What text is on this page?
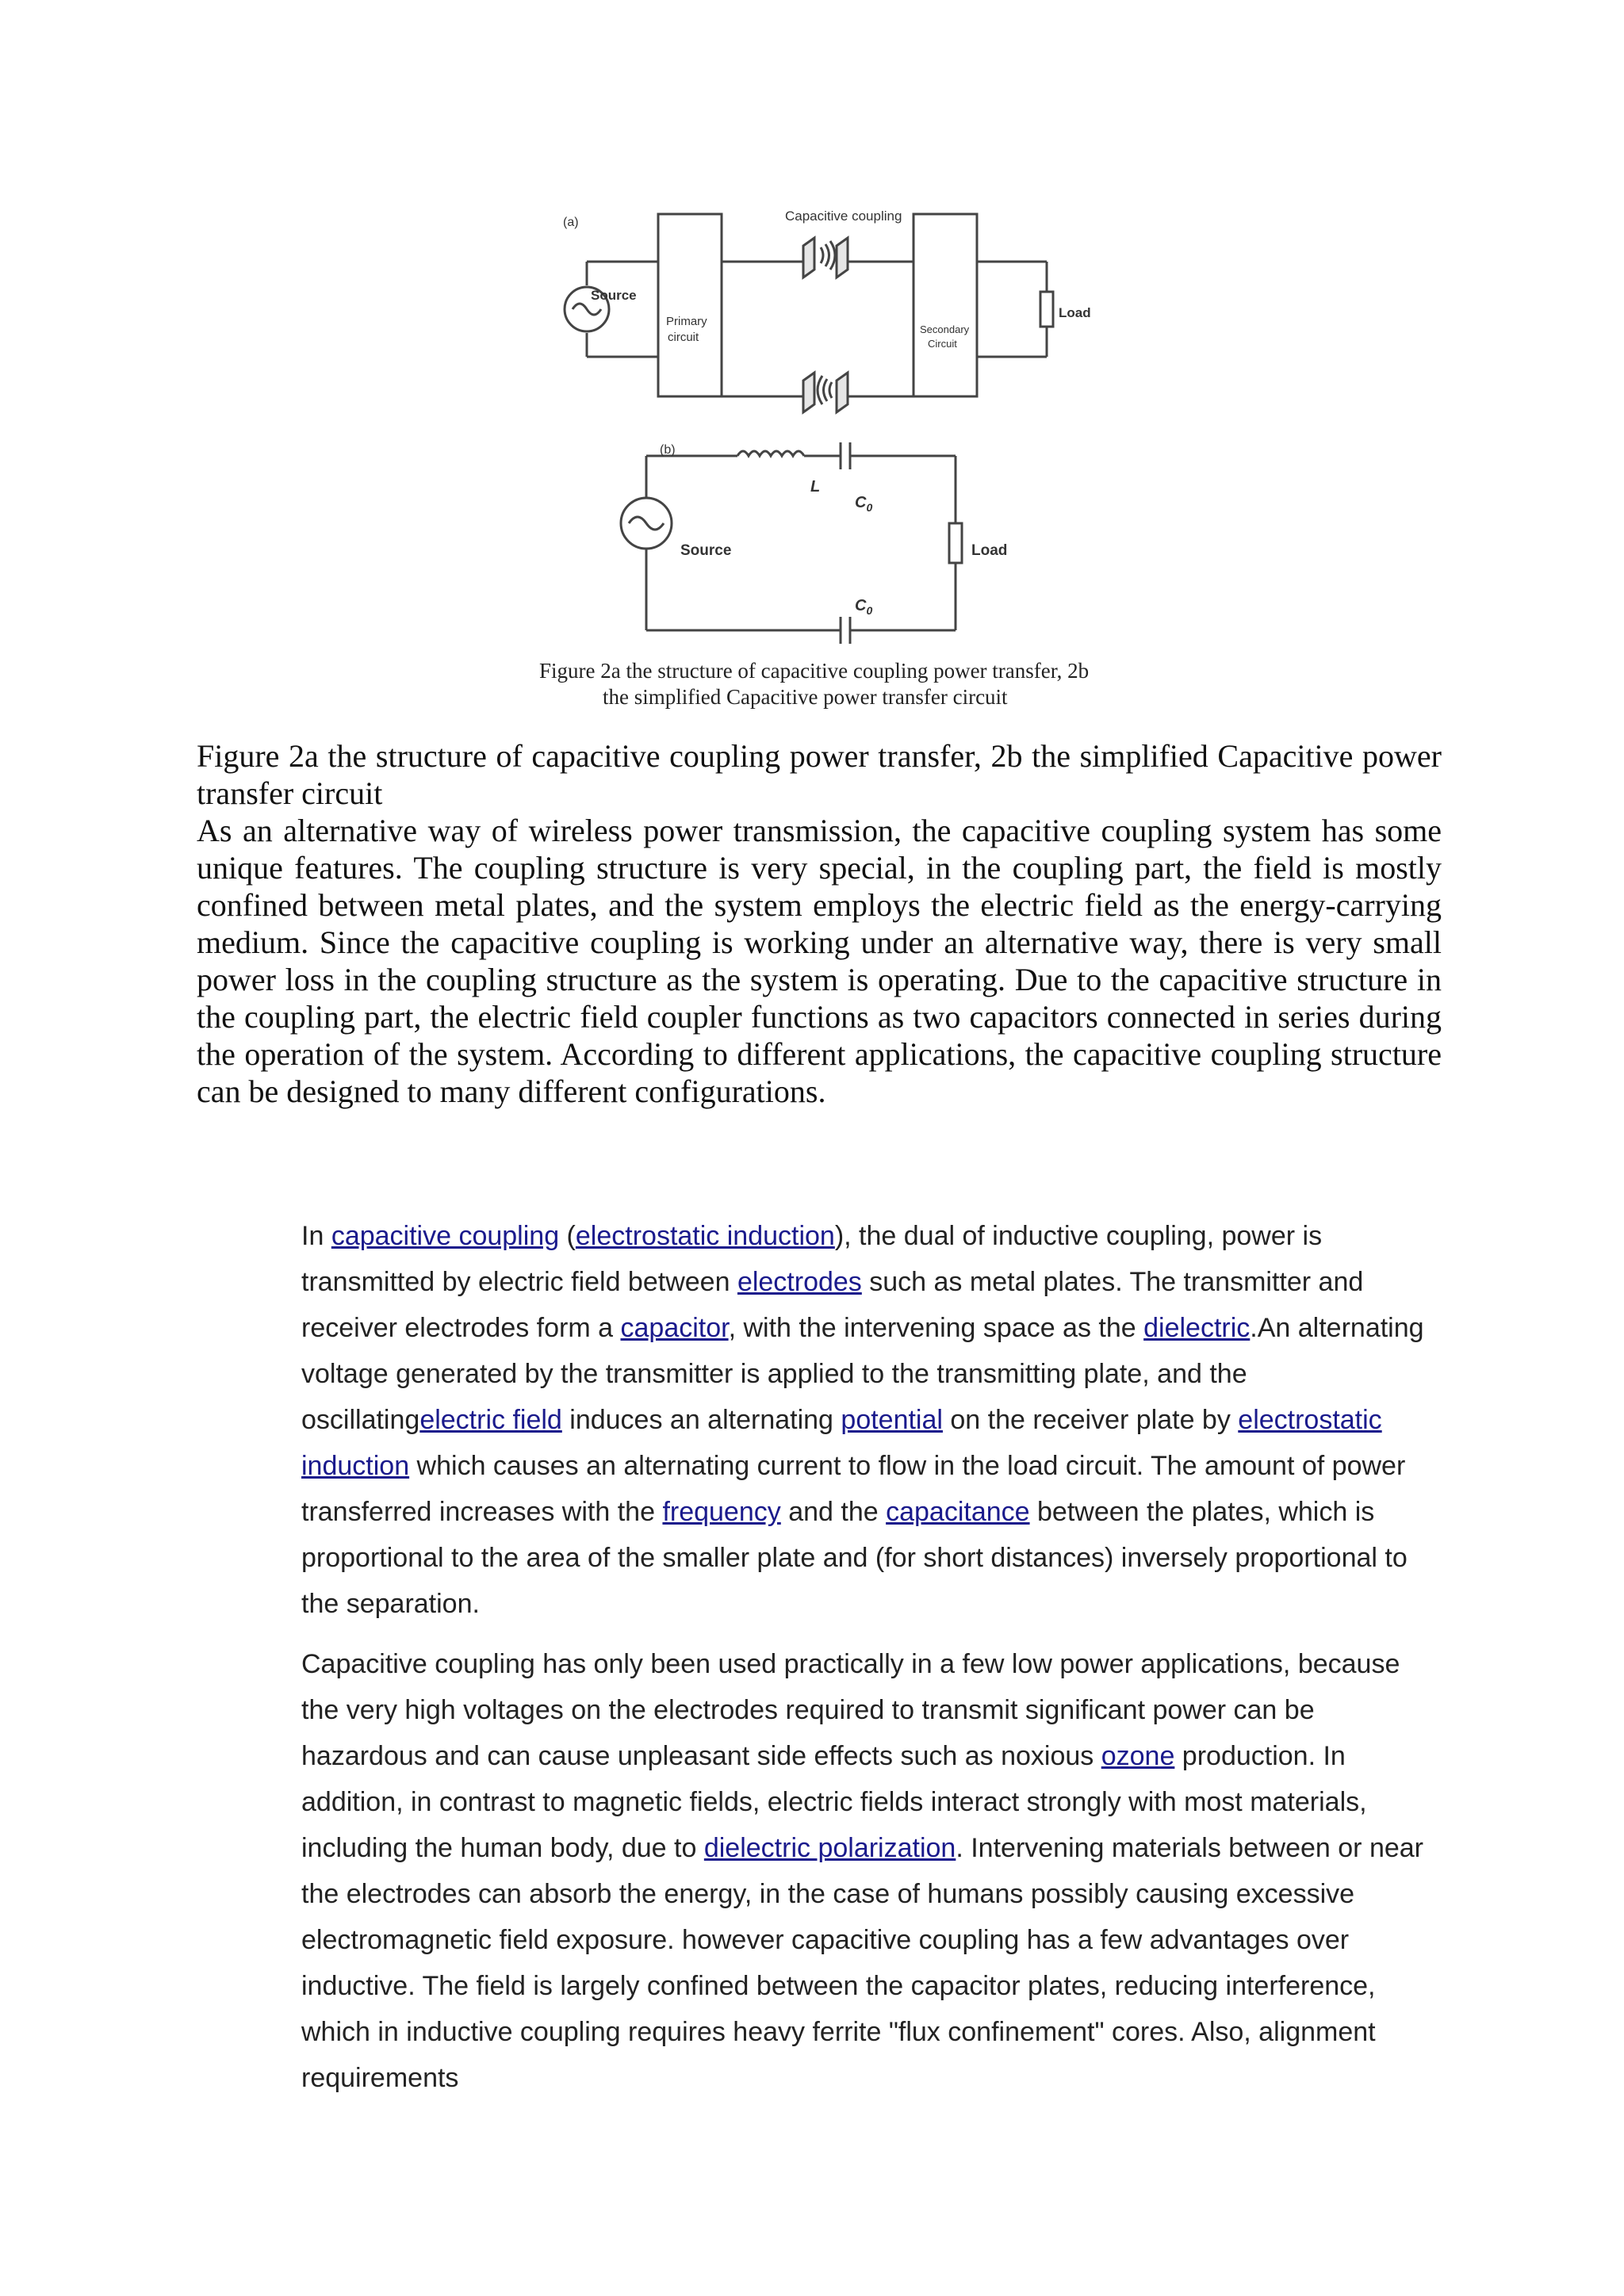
(a)	Capacitive coupling
Source
Primary
circuit
Secondary
Circuit
Load
(b)
L
$C_0$
Source	Load
$C_0$
Figure 2a the structure of capacitive coupling power transfer, 2b
the simplified Capacitive power transfer circuit

Figure 2a the structure of capacitive coupling power transfer, 2b the simplified Capacitive power transfer circuit

As an alternative way of wireless power transmission, the capacitive coupling system has some unique features. The coupling structure is very special, in the coupling part, the field is mostly confined between metal plates, and the system employs the electric field as the energy-carrying medium. Since the capacitive coupling is working under an alternative way, there is very small power loss in the coupling structure as the system is operating. Due to the capacitive structure in the coupling part, the electric field coupler functions as two capacitors connected in series during the operation of the system. According to different applications, the capacitive coupling structure can be designed to many different configurations.

In capacitive coupling (electrostatic induction), the dual of inductive coupling, power is transmitted by electric field between electrodes such as metal plates. The transmitter and receiver electrodes form a capacitor, with the intervening space as the dielectric.An alternating voltage generated by the transmitter is applied to the transmitting plate, and the oscillatingelectric field induces an alternating potential on the receiver plate by electrostatic induction which causes an alternating current to flow in the load circuit. The amount of power transferred increases with the frequency and the capacitance between the plates, which is proportional to the area of the smaller plate and (for short distances) inversely proportional to the separation.

Capacitive coupling has only been used practically in a few low power applications, because the very high voltages on the electrodes required to transmit significant power can be hazardous and can cause unpleasant side effects such as noxious ozone production. In addition, in contrast to magnetic fields, electric fields interact strongly with most materials, including the human body, due to dielectric polarization. Intervening materials between or near the electrodes can absorb the energy, in the case of humans possibly causing excessive electromagnetic field exposure. however capacitive coupling has a few advantages over inductive. The field is largely confined between the capacitor plates, reducing interference, which in inductive coupling requires heavy ferrite "flux confinement" cores. Also, alignment requirements
